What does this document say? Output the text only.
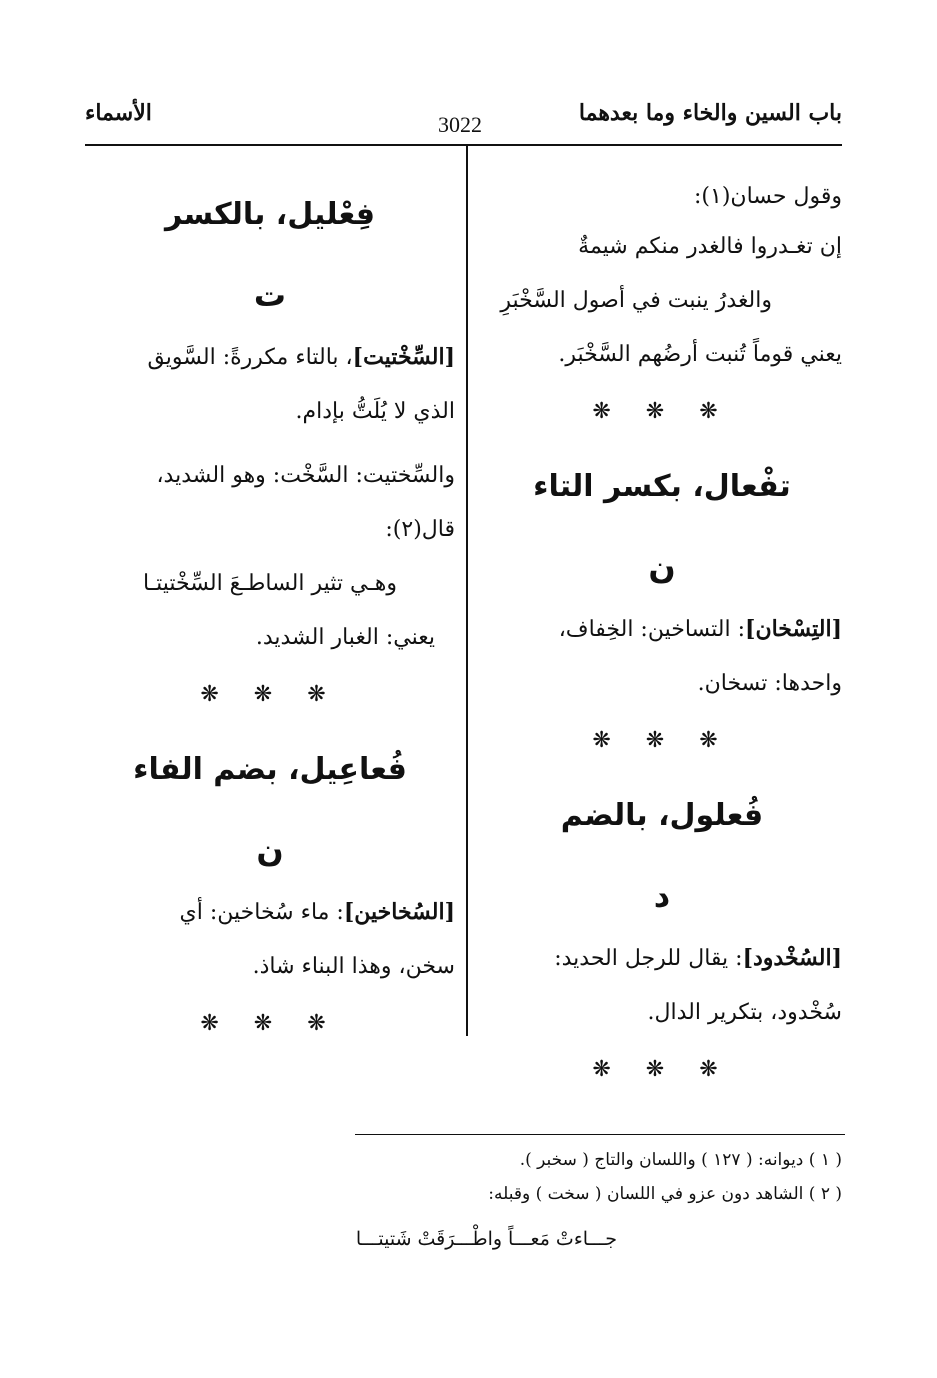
باب السين والخاء وما بعدهما
3022
الأسماء

وقول حسان(١):

إن تغـدروا فالغدر منكم شيمةٌ

والغدرُ ينبت في أصول السَّخْبَرِ

يعني قوماً تُنبت أرضُهم السَّخْبَر.

❋ ❋ ❋
تفْعال، بكسر التاء
ن

[التِسْخان]: التساخين: الخِفاف،

واحدها: تسخان.

❋ ❋ ❋
فُعلول، بالضم
د

[السُخْدود]: يقال للرجل الحديد:

سُخْدود، بتكرير الدال.

❋ ❋ ❋
فِعْليل، بالكسر
ت

[السِّخْتيت]، بالتاء مكررةً: السَّويق

الذي لا يُلَتُّ بإدام.

والسِّختيت: السَّخْت: وهو الشديد،

قال(٢):

وهـي تثير الساطـعَ السِّخْتيتـا

يعني: الغبار الشديد.

❋ ❋ ❋
فُعاعِيل، بضم الفاء
ن

[السُخاخين]: ماء سُخاخين: أي

سخن، وهذا البناء شاذ.

❋ ❋ ❋
( ١ ) ديوانه: ( ١٢٧ ) واللسان والتاج ( سخبر ).
( ٢ ) الشاهد دون عزو في اللسان ( سخت ) وقبله:
جـــاءتْ مَعـــاً واطْـــرَقَتْ شَتيتـــا
